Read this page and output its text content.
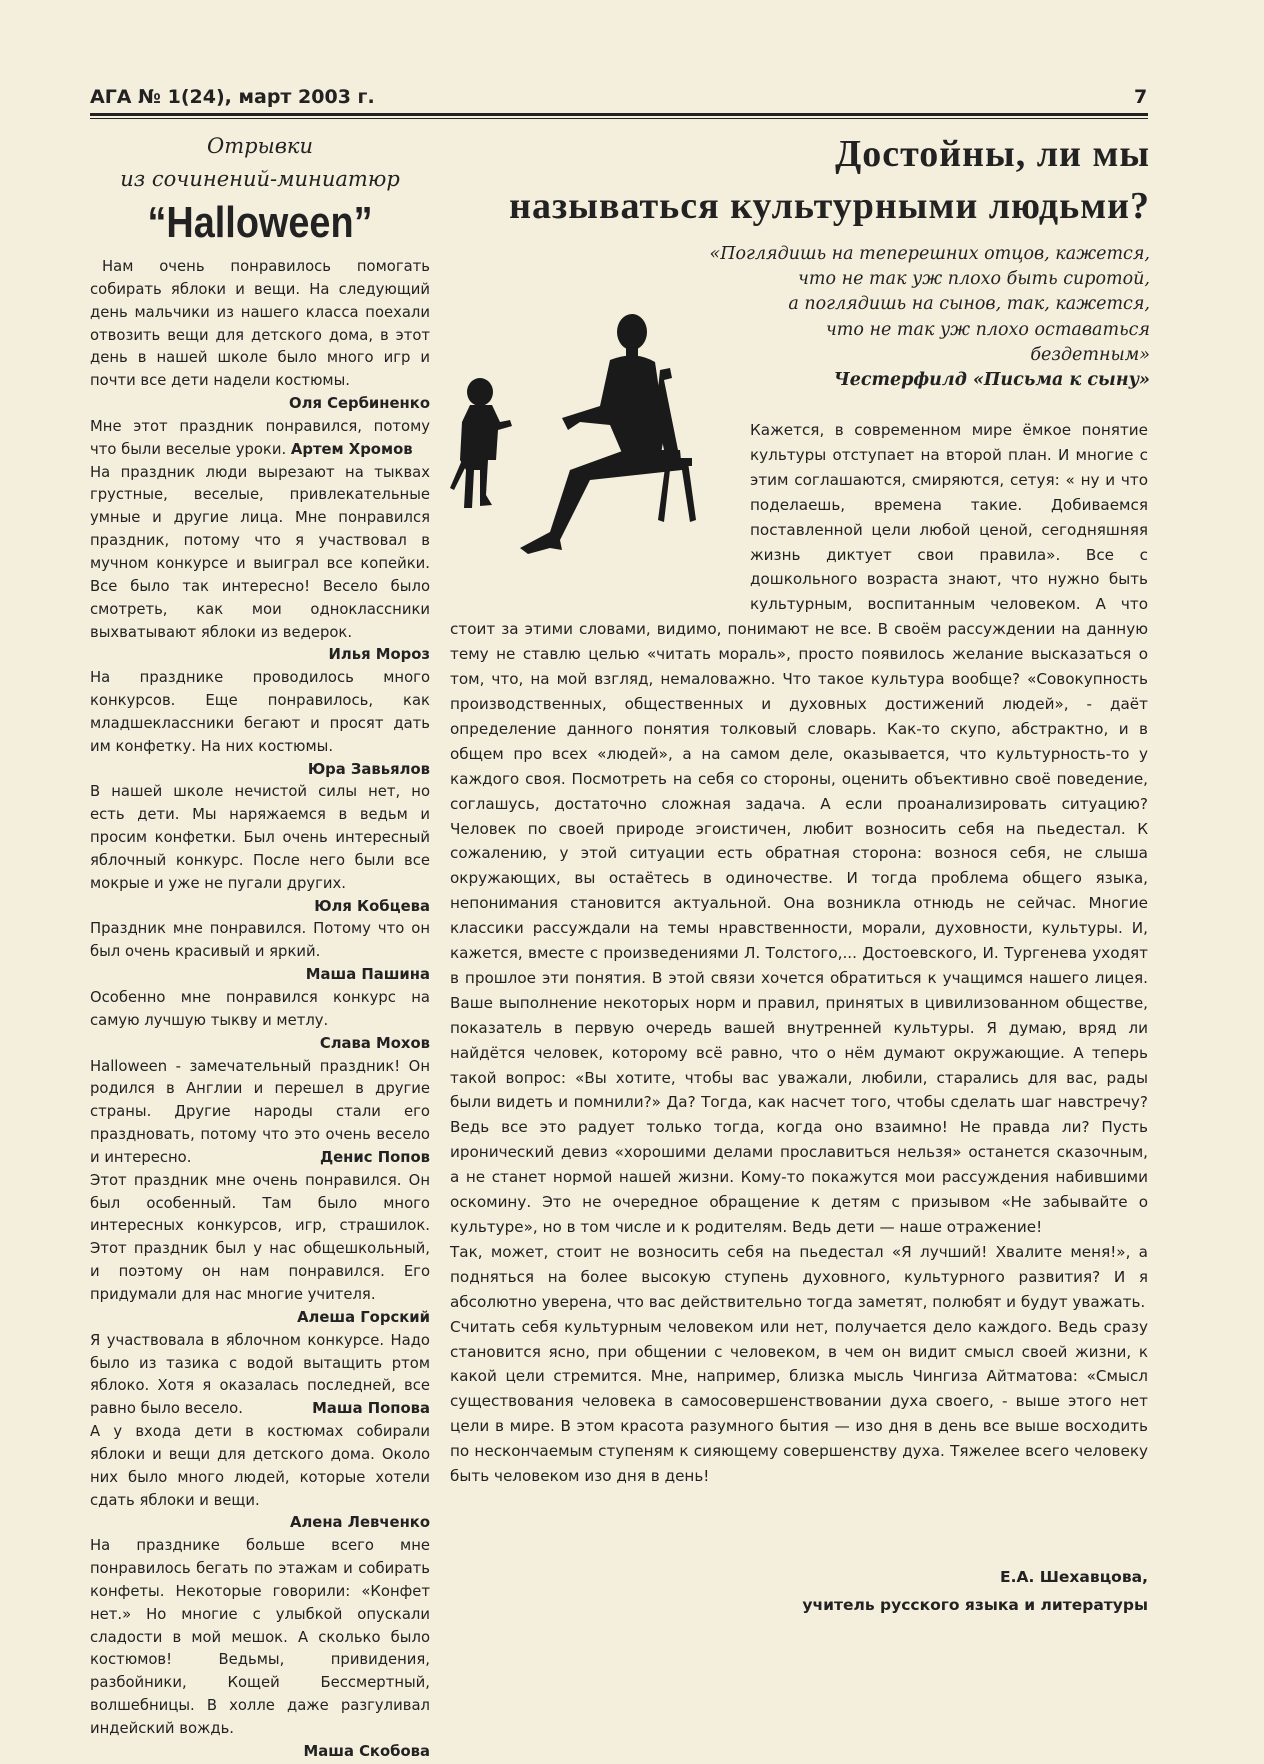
АГА № 1(24), март 2003 г.	7
Отрывки
из сочинений-миниатюр
“Halloween”

Нам очень понравилось помогать собирать яблоки и вещи. На следующий день мальчики из нашего класса поехали отвозить вещи для детского дома, в этот день в нашей школе было много игр и почти все дети надели костюмы.
Оля Сербиненко

Мне этот праздник понравился, потому что были веселые уроки. Артем Хромов

На праздник люди вырезают на тыквах грустные, веселые, привлекательные умные и другие лица. Мне понравился праздник, потому что я участвовал в мучном конкурсе и выиграл все копейки. Все было так интересно! Весело было смотреть, как мои одноклассники выхватывают яблоки из ведерок.
Илья Мороз

На празднике проводилось много конкурсов. Еще понравилось, как младшеклассники бегают и просят дать им конфетку. На них костюмы.
Юра Завьялов

В нашей школе нечистой силы нет, но есть дети. Мы наряжаемся в ведьм и просим конфетки. Был очень интересный яблочный конкурс. После него были все мокрые и уже не пугали других.
Юля Кобцева

Праздник мне понравился. Потому что он был очень красивый и яркий.
Маша Пашина

Особенно мне понравился конкурс на самую лучшую тыкву и метлу.
Слава Мохов

Halloween - замечательный праздник! Он родился в Англии и перешел в другие страны. Другие народы стали его праздновать, потому что это очень весело и интересно.	Денис Попов

Этот праздник мне очень понравился. Он был особенный. Там было много интересных конкурсов, игр, страшилок. Этот праздник был у нас общешкольный, и поэтому он нам понравился. Его придумали для нас многие учителя.
Алеша Горский

Я участвовала в яблочном конкурсе. Надо было из тазика с водой вытащить ртом яблоко. Хотя я оказалась последней, все равно было весело.	Маша Попова

А у входа дети в костюмах собирали яблоки и вещи для детского дома. Около них было много людей, которые хотели сдать яблоки и вещи.
Алена Левченко

На празднике больше всего мне понравилось бегать по этажам и собирать конфеты. Некоторые говорили: «Конфет нет.» Но многие с улыбкой опускали сладости в мой мешок. А сколько было костюмов! Ведьмы, привидения, разбойники, Кощей Бессмертный, волшебницы. В холле даже разгуливал индейский вождь.
Маша Скобова

Достойны, ли мы
называться культурными людьми?
«Поглядишь на теперешних отцов, кажется,
что не так уж плохо быть сиротой,
а поглядишь на сынов, так, кажется,
что не так уж плохо оставаться
бездетным»
Честерфилд «Письма к сыну»

Кажется, в современном мире ёмкое понятие культуры отступает на второй план. И многие с этим соглашаются, смиряются, сетуя: « ну и что поделаешь, времена такие. Добиваемся поставленной цели любой ценой, сегодняшняя жизнь диктует свои правила». Все с дошкольного возраста знают, что нужно быть культурным, воспитанным человеком. А что стоит за этими словами, видимо, понимают не все. В своём рассуждении на данную тему не ставлю целью «читать мораль», просто появилось желание высказаться о том, что, на мой взгляд, немаловажно. Что такое культура вообще? «Совокупность производственных, общественных и духовных достижений людей», - даёт определение данного понятия толковый словарь. Как-то скупо, абстрактно, и в общем про всех «людей», а на самом деле, оказывается, что культурность-то у каждого своя. Посмотреть на себя со стороны, оценить объективно своё поведение, соглашусь, достаточно сложная задача. А если проанализировать ситуацию? Человек по своей природе эгоистичен, любит возносить себя на пьедестал. К сожалению, у этой ситуации есть обратная сторона: вознося себя, не слыша окружающих, вы остаётесь в одиночестве. И тогда проблема общего языка, непонимания становится актуальной. Она возникла отнюдь не сейчас. Многие классики рассуждали на темы нравственности, морали, духовности, культуры. И, кажется, вместе с произведениями Л. Толстого,... Достоевского, И. Тургенева уходят в прошлое эти понятия. В этой связи хочется обратиться к учащимся нашего лицея. Ваше выполнение некоторых норм и правил, принятых в цивилизованном обществе, показатель в первую очередь вашей внутренней культуры. Я думаю, вряд ли найдётся человек, которому всё равно, что о нём думают окружающие. А теперь такой вопрос: «Вы хотите, чтобы вас уважали, любили, старались для вас, рады были видеть и помнили?» Да? Тогда, как насчет того, чтобы сделать шаг навстречу? Ведь все это радует только тогда, когда оно взаимно! Не правда ли? Пусть иронический девиз «хорошими делами прославиться нельзя» останется сказочным, а не станет нормой нашей жизни. Кому-то покажутся мои рассуждения набившими оскомину. Это не очередное обращение к детям с призывом «Не забывайте о культуре», но в том числе и к родителям. Ведь дети — наше отражение!

Так, может, стоит не возносить себя на пьедестал «Я лучший! Хвалите меня!», а подняться на более высокую ступень духовного, культурного развития? И я абсолютно уверена, что вас действительно тогда заметят, полюбят и будут уважать.

Считать себя культурным человеком или нет, получается дело каждого. Ведь сразу становится ясно, при общении с человеком, в чем он видит смысл своей жизни, к какой цели стремится. Мне, например, близка мысль Чингиза Айтматова: «Смысл существования человека в самосовершенствовании духа своего, - выше этого нет цели в мире. В этом красота разумного бытия — изо дня в день все выше восходить по нескончаемым ступеням к сияющему совершенству духа. Тяжелее всего человеку быть человеком изо дня в день!

Е.А. Шехавцова,
учитель русского языка и литературы
